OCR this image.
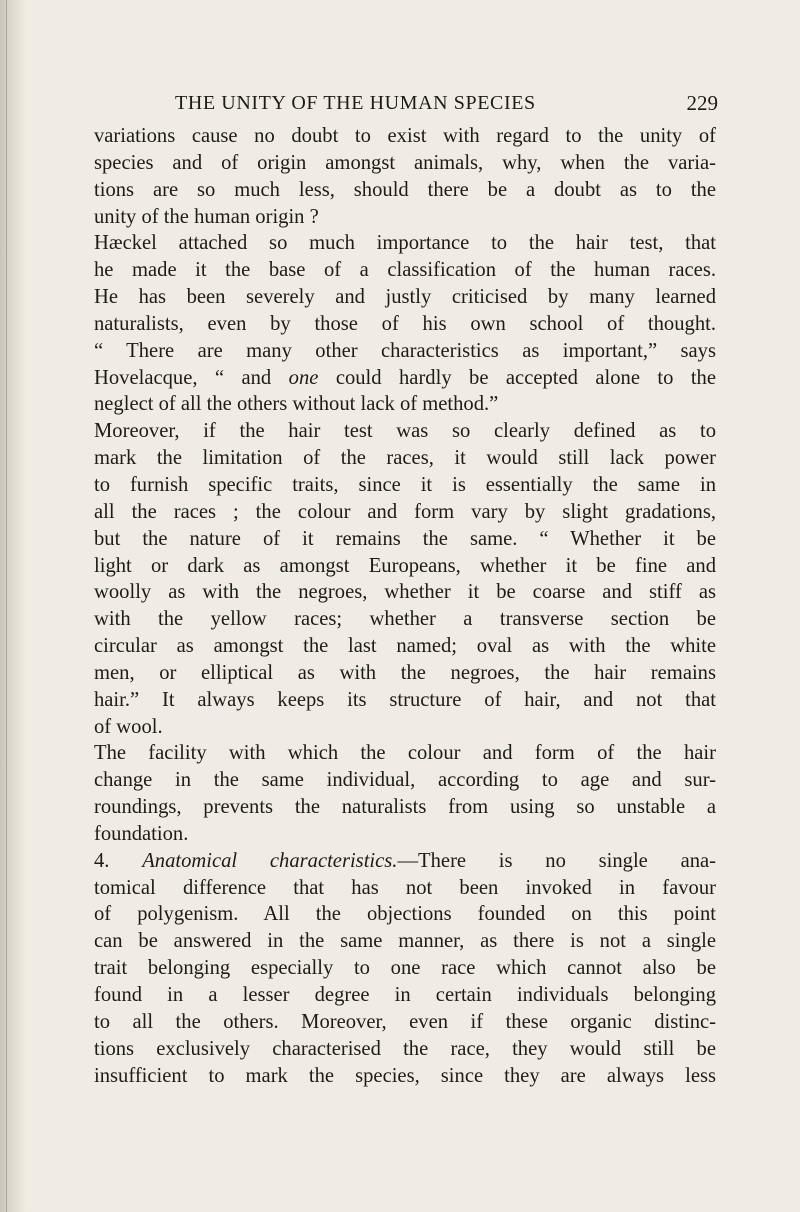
THE UNITY OF THE HUMAN SPECIES	229
variations cause no doubt to exist with regard to the unity of
species and of origin amongst animals, why, when the varia-
tions are so much less, should there be a doubt as to the
unity of the human origin ?
Hæckel attached so much importance to the hair test, that
he made it the base of a classification of the human races.
He has been severely and justly criticised by many learned
naturalists, even by those of his own school of thought.
“ There are many other characteristics as important,” says
Hovelacque, “ and one could hardly be accepted alone to the
neglect of all the others without lack of method.”
Moreover, if the hair test was so clearly defined as to
mark the limitation of the races, it would still lack power
to furnish specific traits, since it is essentially the same in
all the races ; the colour and form vary by slight gradations,
but the nature of it remains the same. “ Whether it be
light or dark as amongst Europeans, whether it be fine and
woolly as with the negroes, whether it be coarse and stiff as
with the yellow races; whether a transverse section be
circular as amongst the last named; oval as with the white
men, or elliptical as with the negroes, the hair remains
hair.” It always keeps its structure of hair, and not that
of wool.
The facility with which the colour and form of the hair
change in the same individual, according to age and sur-
roundings, prevents the naturalists from using so unstable a
foundation.
4. Anatomical characteristics.—There is no single ana-
tomical difference that has not been invoked in favour
of polygenism. All the objections founded on this point
can be answered in the same manner, as there is not a single
trait belonging especially to one race which cannot also be
found in a lesser degree in certain individuals belonging
to all the others. Moreover, even if these organic distinc-
tions exclusively characterised the race, they would still be
insufficient to mark the species, since they are always less
